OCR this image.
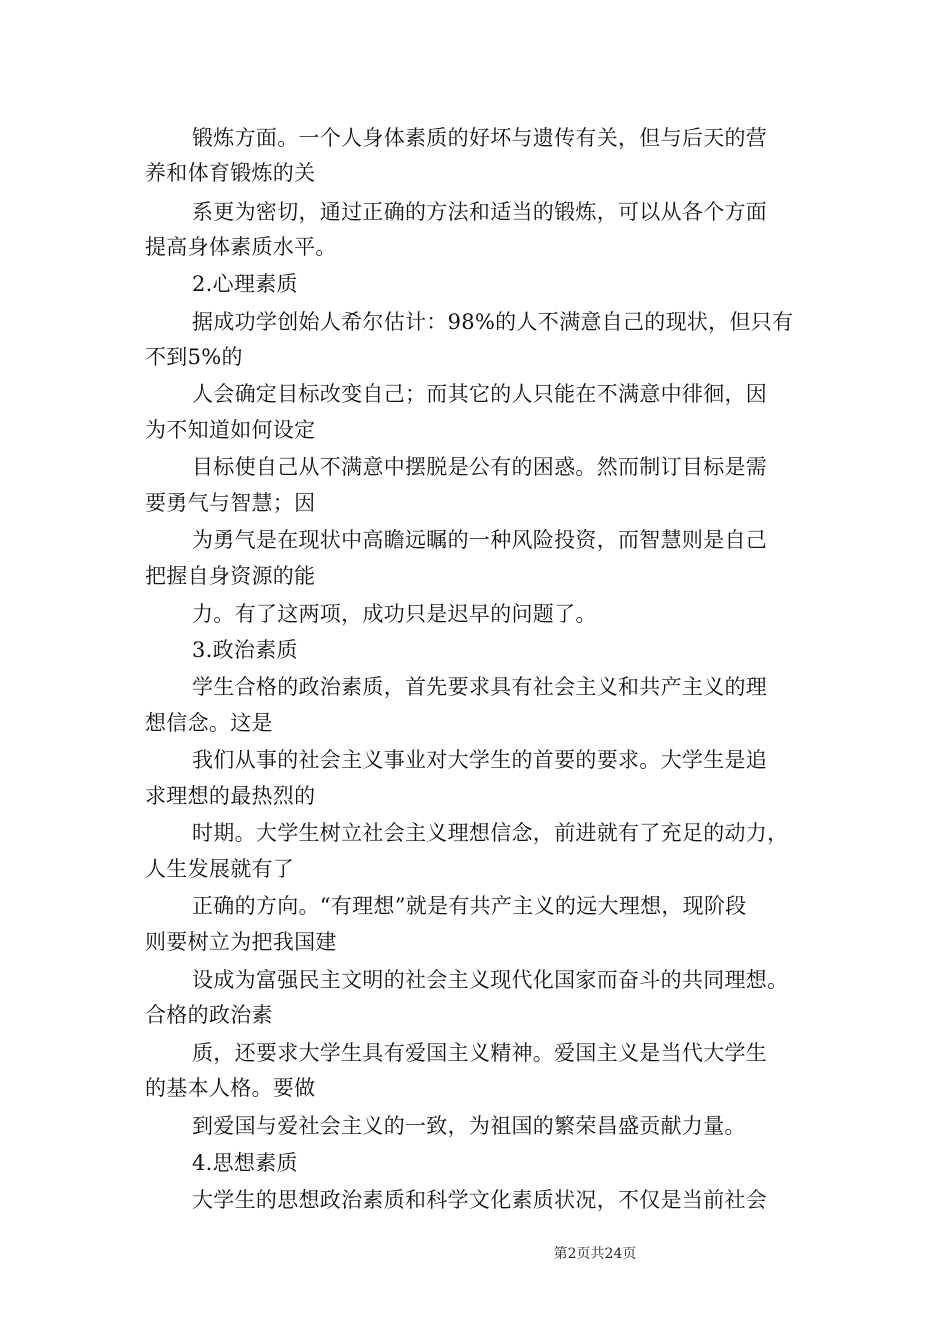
锻炼方面。一个人身体素质的好坏与遗传有关，但与后天的营
养和体育锻炼的关
系更为密切，通过正确的方法和适当的锻炼，可以从各个方面
提高身体素质水平。
2.心理素质
据成功学创始人希尔估计：98%的人不满意自己的现状，但只有
不到5%的
人会确定目标改变自己；而其它的人只能在不满意中徘徊，因
为不知道如何设定
目标使自己从不满意中摆脱是公有的困惑。然而制订目标是需
要勇气与智慧；因
为勇气是在现状中高瞻远瞩的一种风险投资，而智慧则是自己
把握自身资源的能
力。有了这两项，成功只是迟早的问题了。
3.政治素质
学生合格的政治素质，首先要求具有社会主义和共产主义的理
想信念。这是
我们从事的社会主义事业对大学生的首要的要求。大学生是追
求理想的最热烈的
时期。大学生树立社会主义理想信念，前进就有了充足的动力，
人生发展就有了
正确的方向。“有理想”就是有共产主义的远大理想，现阶段
则要树立为把我国建
设成为富强民主文明的社会主义现代化国家而奋斗的共同理想。
合格的政治素
质，还要求大学生具有爱国主义精神。爱国主义是当代大学生
的基本人格。要做
到爱国与爱社会主义的一致，为祖国的繁荣昌盛贡献力量。
4.思想素质
大学生的思想政治素质和科学文化素质状况，不仅是当前社会
第2页共24页
